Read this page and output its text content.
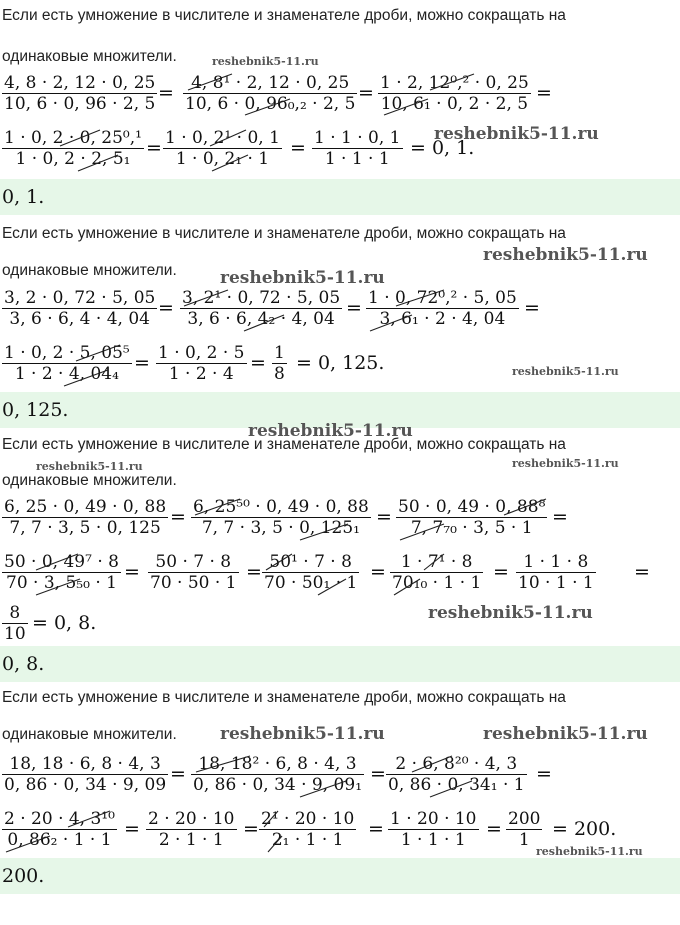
Если есть умножение в числителе и знаменателе дроби, можно сокращать на
одинаковые множители.	reshebnik5-11.ru
$\frac{4, 8 \cdot 2, 12 \cdot 0, 25}{10, 6 \cdot 0, 96 \cdot 2, 5} = \frac{\text{4, 8¹ · 2, 12 · 0, 25}}{\text{10, 6 · 0, 96₀,₂ · 2, 5}} = \frac{\text{1 · 2, 12⁰,² · 0, 25}}{\text{10, 6₁ · 0, 2 · 2, 5}}$ =
$\frac{\text{1 · 0, 2 · 0, 25⁰,¹}}{\text{1 · 0, 2 · 2, 5₁}} = \frac{\text{1 · 0, 2¹ · 0, 1}}{\text{1 · 0, 2₁ · 1}} = \frac{1 \cdot 1 \cdot 0, 1}{1 \cdot 1 \cdot 1} = 0$, 1.
reshebnik5-11.ru
0, 1.
Если есть умножение в числителе и знаменателе дроби, можно сокращать на
reshebnik5-11.ru
одинаковые множители.	reshebnik5-11.ru
$\frac{3, 2 \cdot 0, 72 \cdot 5, 05}{3, 6 \cdot 6, 4 \cdot 4, 04} = \frac{\text{3, 2¹ · 0, 72 · 5, 05}}{\text{3, 6 · 6, 4₂ · 4, 04}} = \frac{\text{1 · 0, 72⁰,² · 5, 05}}{\text{3, 6₁ · 2 · 4, 04}}$ =
$\frac{\text{1 · 0, 2 · 5, 05⁵}}{\text{1 · 2 · 4, 04₄}} = \frac{1 \cdot 0, 2 \cdot 5}{1 \cdot 2 \cdot 4} = \frac{1}{8} = 0$, 125.	reshebnik5-11.ru
0, 125.
reshebnik5-11.ru
Если есть умножение в числителе и знаменателе дроби, можно сокращать на
reshebnik5-11.ru	reshebnik5-11.ru
одинаковые множители.
$\frac{6, 25 \cdot 0, 49 \cdot 0, 88}{7, 7 \cdot 3, 5 \cdot 0, 125} = \frac{\text{6, 25⁵⁰ · 0, 49 · 0, 88}}{\text{7, 7 · 3, 5 · 0, 125₁}} = \frac{\text{50 · 0, 49 · 0, 88⁸}}{\text{7, 7₇₀ · 3, 5 · 1}}$ =
$\frac{\text{50 · 0, 49⁷ · 8}}{\text{70 · 3, 5₅₀ · 1}} = \frac{50 \cdot 7 \cdot 8}{70 \cdot 50 \cdot 1} = \frac{\text{50¹ · 7 · 8}}{\text{70 · 50₁ · 1}} = \frac{\text{1 · 7¹ · 8}}{\text{70₁₀ · 1 · 1}} = \frac{1 \cdot 1 \cdot 8}{10 \cdot 1 \cdot 1}$ =
$\frac{8}{10} = 0$, 8.	reshebnik5-11.ru
0, 8.
Если есть умножение в числителе и знаменателе дроби, можно сокращать на
одинаковые множители.	reshebnik5-11.ru	reshebnik5-11.ru
$\frac{18, 18 \cdot 6, 8 \cdot 4, 3}{0, 86 \cdot 0, 34 \cdot 9, 09} = \frac{\text{18, 18² · 6, 8 · 4, 3}}{\text{0, 86 · 0, 34 · 9, 09₁}} = \frac{\text{2 · 6, 8²⁰ · 4, 3}}{\text{0, 86 · 0, 34₁ · 1}}$ =
$\frac{\text{2 · 20 · 4, 3¹⁰}}{\text{0, 86₂ · 1 · 1}} = \frac{2 \cdot 20 \cdot 10}{2 \cdot 1 \cdot 1} = \frac{\text{2¹ · 20 · 10}}{\text{2₁ · 1 · 1}} = \frac{1 \cdot 20 \cdot 10}{1 \cdot 1 \cdot 1} = \frac{200}{1} = 200$.
reshebnik5-11.ru
200.
